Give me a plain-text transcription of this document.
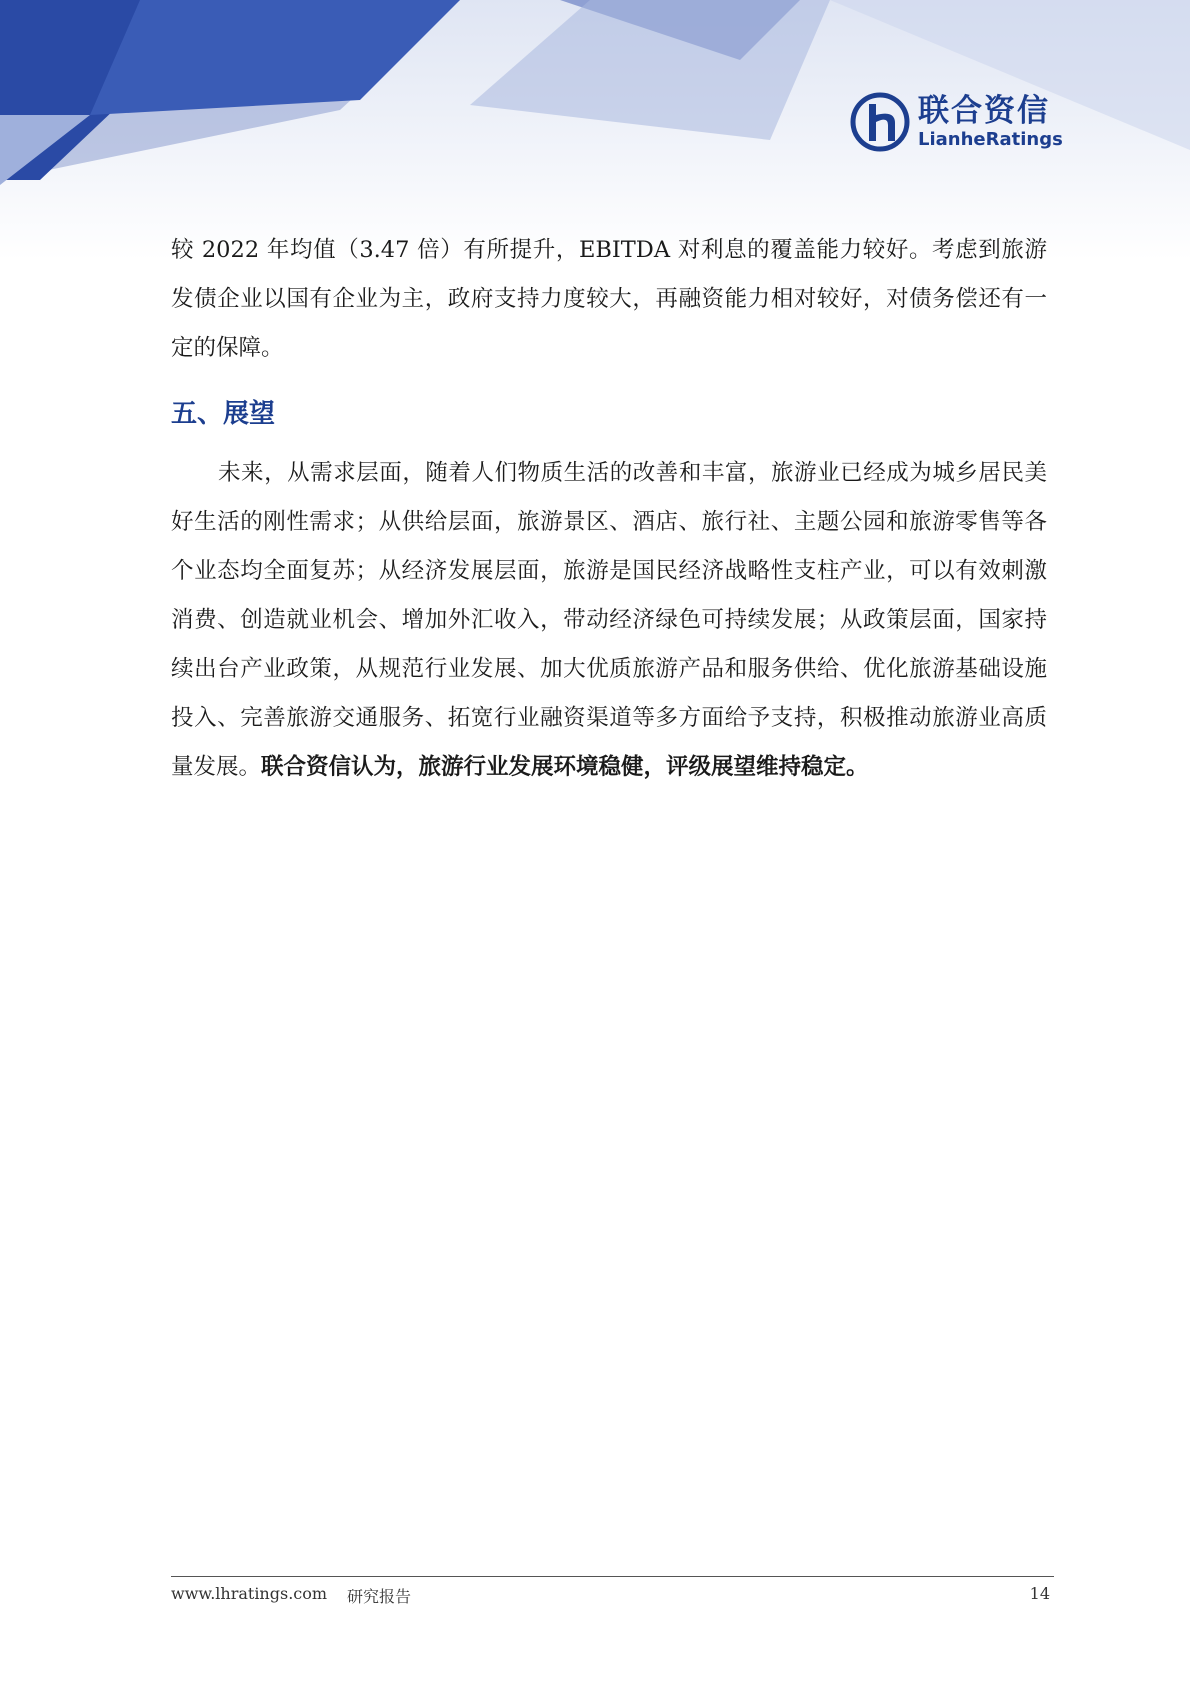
联合资信
LianheRatings

较 2022 年均值（3.47 倍）有所提升，EBITDA 对利息的覆盖能力较好。考虑到旅游发债企业以国有企业为主，政府支持力度较大，再融资能力相对较好，对债务偿还有一定的保障。

五、展望

未来，从需求层面，随着人们物质生活的改善和丰富，旅游业已经成为城乡居民美好生活的刚性需求；从供给层面，旅游景区、酒店、旅行社、主题公园和旅游零售等各个业态均全面复苏；从经济发展层面，旅游是国民经济战略性支柱产业，可以有效刺激消费、创造就业机会、增加外汇收入，带动经济绿色可持续发展；从政策层面，国家持续出台产业政策，从规范行业发展、加大优质旅游产品和服务供给、优化旅游基础设施投入、完善旅游交通服务、拓宽行业融资渠道等多方面给予支持，积极推动旅游业高质量发展。联合资信认为，旅游行业发展环境稳健，评级展望维持稳定。

www.lhratings.com 研究报告	14
